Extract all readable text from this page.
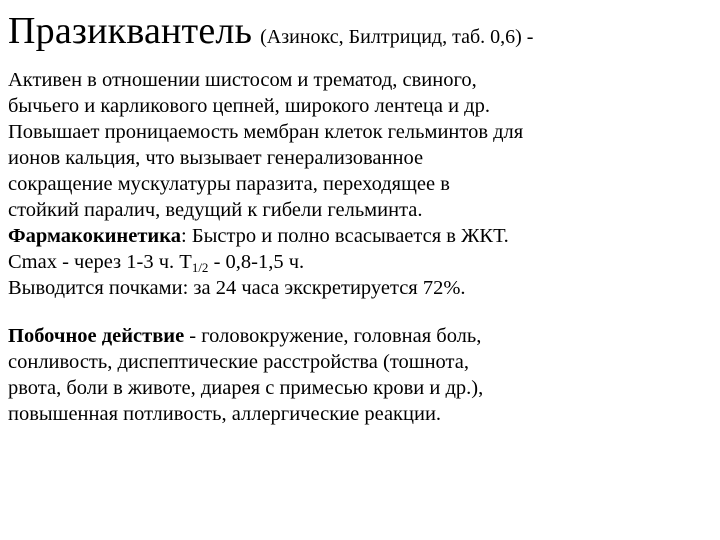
Празиквантель (Азинокс, Билтрицид, таб. 0,6) -

Активен в отношении шистосом и трематод, свиного,
бычьего и карликового цепней, широкого лентеца и др.

Повышает проницаемость мембран клеток гельминтов для
ионов кальция, что вызывает генерализованное
сокращение мускулатуры паразита, переходящее в
стойкий паралич, ведущий к гибели гельминта.

Фармакокинетика: Быстро и полно всасывается в ЖКТ.
Cmax - через 1-3 ч. $T_{1/2} - 0,8-1,5$ ч.

Выводится почками: за 24 часа экскретируется 72%.

Побочное действие - головокружение, головная боль,
сонливость, диспептические расстройства (тошнота,
рвота, боли в животе, диарея с примесью крови и др.),
повышенная потливость, аллергические реакции.
